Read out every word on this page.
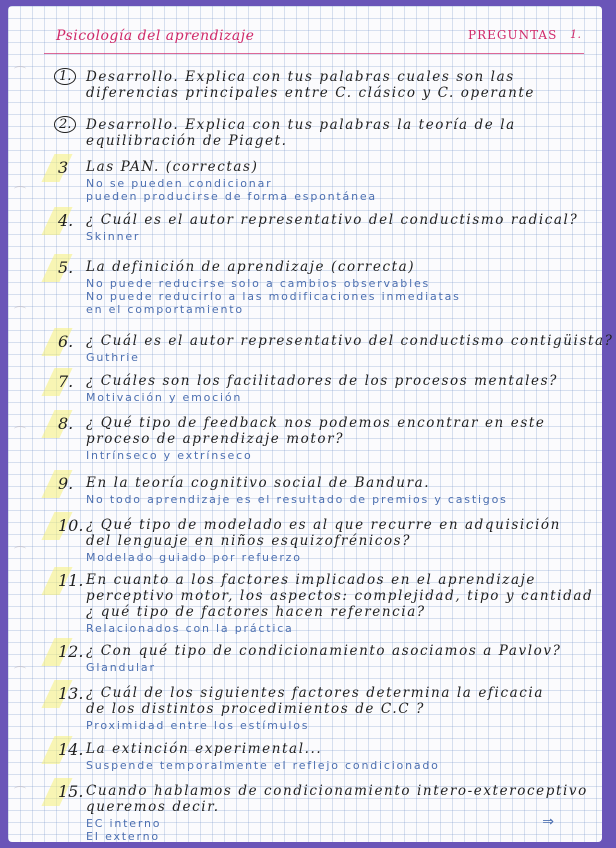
Psicología del aprendizaje	PREGUNTAS 1.
1.	Desarrollo. Explica con tus palabras cuales son las
diferencias principales entre C. clásico y C. operante
2.	Desarrollo. Explica con tus palabras la teoría de la
equilibración de Piaget.
3 Las PAN. (correctas)
No se pueden condicionar
pueden producirse de forma espontánea
4. ¿ Cuál es el autor representativo del conductismo radical?
Skinner
5. La definición de aprendizaje (correcta)
No puede reducirse solo a cambios observables
No puede reducirlo a las modificaciones inmediatas
en el comportamiento
6. ¿ Cuál es el autor representativo del conductismo contigüista?
Guthrie
7. ¿ Cuáles son los facilitadores de los procesos mentales?
Motivación y emoción
8. ¿ Qué tipo de feedback nos podemos encontrar en este
proceso de aprendizaje motor?
Intrínseco y extrínseco
9. En la teoría cognitivo social de Bandura.
No todo aprendizaje es el resultado de premios y castigos
10. ¿ Qué tipo de modelado es al que recurre en adquisición
del lenguaje en niños esquizofrénicos?
Modelado guiado por refuerzo
11. En cuanto a los factores implicados en el aprendizaje
perceptivo motor, los aspectos: complejidad, tipo y cantidad
¿ qué tipo de factores hacen referencia?
Relacionados con la práctica
12. ¿ Con qué tipo de condicionamiento asociamos a Pavlov?
Glandular
13. ¿ Cuál de los siguientes factores determina la eficacia
de los distintos procedimientos de C.C ?
Proximidad entre los estímulos
14. La extinción experimental...
Suspende temporalmente el reflejo condicionado
15. Cuando hablamos de condicionamiento intero-exteroceptivo
queremos decir.
EC interno
EI externo
⇒
